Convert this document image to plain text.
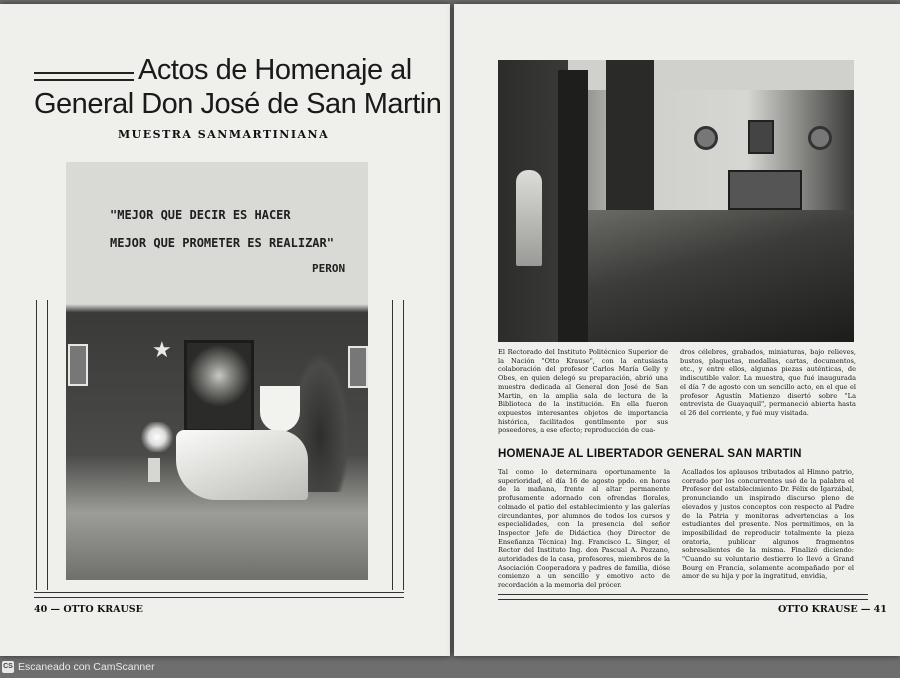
Actos de Homenaje al
General Don José de San Martin
MUESTRA SANMARTINIANA
"MEJOR QUE DECIR ES HACER
MEJOR QUE PROMETER ES REALIZAR"
PERON
★
40 — OTTO KRAUSE

El Rectorado del Instituto Politécnico Superior de la Nación "Otto Krause", con la entusiasta colaboración del profesor Carlos María Gelly y Obes, en quien delegó su preparación, abrió una muestra dedicada al General don José de San Martin, en la amplia sala de lectura de la Biblioteca de la institución. En ella fueron expuestos interesantes objetos de importancia histórica, facilitados gentilmente por sus poseedores, a ese efecto; reproducción de cua-

dros célebres, grabados, miniaturas, bajo relieves, bustos, plaquetas, medallas, cartas, documentos, etc., y entre ellos, algunas piezas auténticas, de indiscutible valor. La muestra, que fué inaugurada el día 7 de agosto con un sencillo acto, en el que el profesor Agustín Matienzo disertó sobre "La entrevista de Guayaquil", permaneció abierta hasta el 26 del corriente, y fué muy visitada.

HOMENAJE AL LIBERTADOR GENERAL SAN MARTIN

Tal como lo determinara oportunamente la superioridad, el día 16 de agosto ppdo. en horas de la mañana, frente al altar permanente profusamente adornado con ofrendas florales, colmado el patio del establecimiento y las galerías circundantes, por alumnos de todos los cursos y especialidades, con la presencia del señor Inspector Jefe de Didáctica (hoy Director de Enseñanza Técnica) Ing. Francisco L. Singer, el Rector del Instituto Ing. don Pascual A. Pezzano, autoridades de la casa, profesores, miembros de la Asociación Cooperadora y padres de familia, dióse comienzo a un sencillo y emotivo acto de recordación a la memoria del prócer.

Acallados los aplausos tributados al Himno patrio, corrado por los concurrentes usó de la palabra el Profesor del establecimiento Dr. Félix de Igarzábal, pronunciando un inspirado discurso pleno de elevados y justos conceptos con respecto al Padre de la Patria y monitoras advertencias a los estudiantes del presente. Nos permitimos, en la imposibilidad de reproducir totalmente la pieza oratoria, publicar algunos fragmentos sobresalientes de la misma. Finalizó diciendo: "Cuando su voluntario destierro lo llevó a Grand Bourg en Francia, solamente acompañado por el amor de su hija y por la ingratitud, envidia,

OTTO KRAUSE — 41
CS Escaneado con CamScanner
